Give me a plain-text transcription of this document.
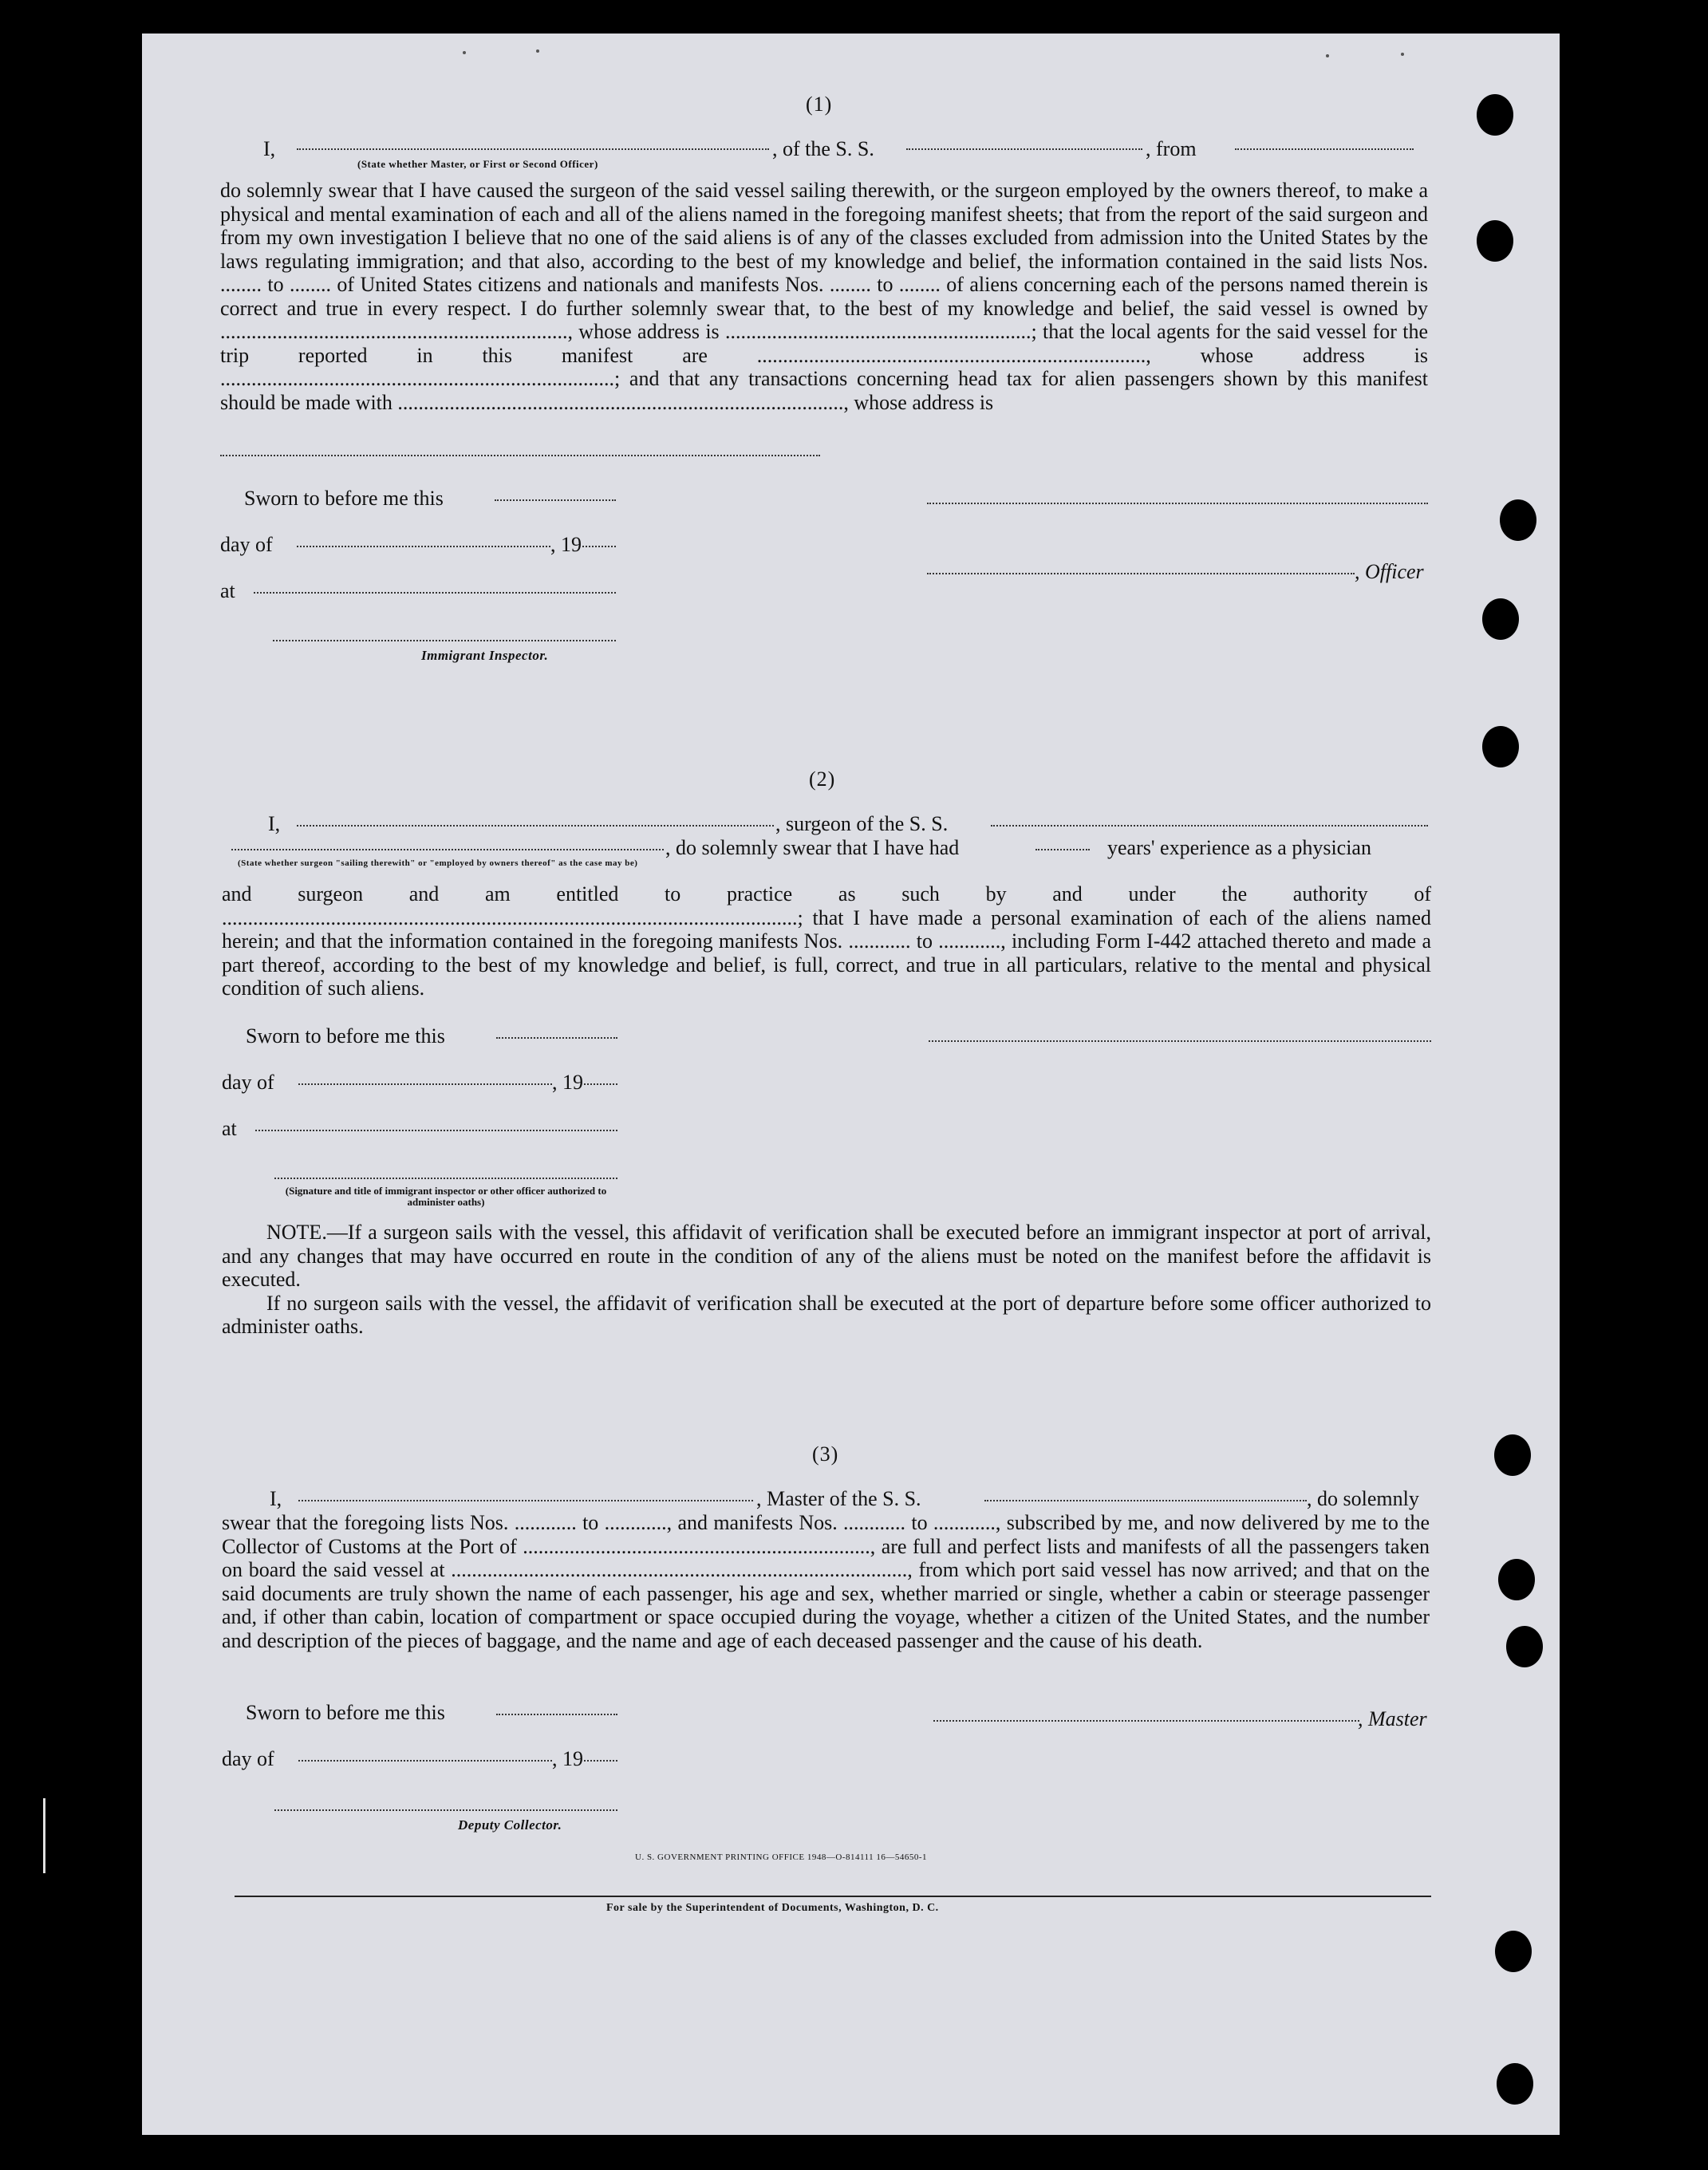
(1)
I,	, of the S. S.	, from
(State whether Master, or First or Second Officer)
do solemnly swear that I have caused the surgeon of the said vessel sailing therewith, or the surgeon employed by the owners thereof, to make a physical and mental examination of each and all of the aliens named in the foregoing manifest sheets; that from the report of the said surgeon and from my own investigation I believe that no one of the said aliens is of any of the classes excluded from admission into the United States by the laws regulating immigration; and that also, according to the best of my knowledge and belief, the information contained in the said lists Nos. ........ to ........ of United States citizens and nationals and manifests Nos. ........ to ........ of aliens concerning each of the persons named therein is correct and true in every respect. I do further solemnly swear that, to the best of my knowledge and belief, the said vessel is owned by ..................................................................., whose address is ...........................................................; that the local agents for the said vessel for the trip reported in this manifest are ..........................................................................., whose address is ............................................................................; and that any transactions concerning head tax for alien passengers shown by this manifest should be made with ......................................................................................, whose address is
Sworn to before me this
day of	, 19
at
Immigrant Inspector.
, Officer
(2)
I,	, surgeon of the S. S.
, do solemnly swear that I have had	years' experience as a physician
(State whether surgeon "sailing therewith" or "employed by owners thereof" as the case may be)
and surgeon and am entitled to practice as such by and under the authority of ...............................................................................................................; that I have made a personal examination of each of the aliens named herein; and that the information contained in the foregoing manifests Nos. ............ to ............, including Form I-442 attached thereto and made a part thereof, according to the best of my knowledge and belief, is full, correct, and true in all particulars, relative to the mental and physical condition of such aliens.
Sworn to before me this
day of	, 19
at
(Signature and title of immigrant inspector or other officer authorized to administer oaths)

NOTE.—If a surgeon sails with the vessel, this affidavit of verification shall be executed before an immigrant inspector at port of arrival, and any changes that may have occurred en route in the condition of any of the aliens must be noted on the manifest before the affidavit is executed.

If no surgeon sails with the vessel, the affidavit of verification shall be executed at the port of departure before some officer authorized to administer oaths.

(3)
I,	, Master of the S. S.	, do solemnly
swear that the foregoing lists Nos. ............ to ............, and manifests Nos. ............ to ............, subscribed by me, and now delivered by me to the Collector of Customs at the Port of ..................................................................., are full and perfect lists and manifests of all the passengers taken on board the said vessel at ........................................................................................, from which port said vessel has now arrived; and that on the said documents are truly shown the name of each passenger, his age and sex, whether married or single, whether a cabin or steerage passenger and, if other than cabin, location of compartment or space occupied during the voyage, whether a citizen of the United States, and the number and description of the pieces of baggage, and the name and age of each deceased passenger and the cause of his death.
Sworn to before me this
day of	, 19
Deputy Collector.
, Master
U. S. GOVERNMENT PRINTING OFFICE 1948—O-814111 16—54650-1
For sale by the Superintendent of Documents, Washington, D. C.
